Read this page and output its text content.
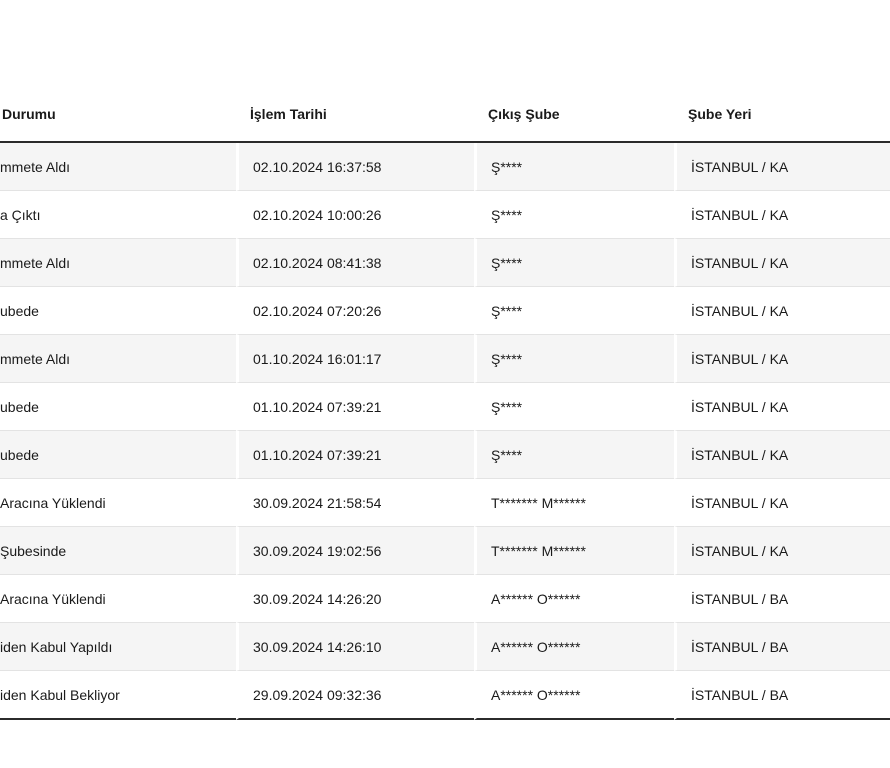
Durumu	İşlem Tarihi	Çıkış Şube	Şube Yeri
mmete Aldı	02.10.2024 16:37:58	Ş****	İSTANBUL / KA
a Çıktı	02.10.2024 10:00:26	Ş****	İSTANBUL / KA
mmete Aldı	02.10.2024 08:41:38	Ş****	İSTANBUL / KA
ubede	02.10.2024 07:20:26	Ş****	İSTANBUL / KA
mmete Aldı	01.10.2024 16:01:17	Ş****	İSTANBUL / KA
ubede	01.10.2024 07:39:21	Ş****	İSTANBUL / KA
ubede	01.10.2024 07:39:21	Ş****	İSTANBUL / KA
Aracına Yüklendi	30.09.2024 21:58:54	T******* M******	İSTANBUL / KA
Şubesinde	30.09.2024 19:02:56	T******* M******	İSTANBUL / KA
Aracına Yüklendi	30.09.2024 14:26:20	A****** O******	İSTANBUL / BA
iden Kabul Yapıldı	30.09.2024 14:26:10	A****** O******	İSTANBUL / BA
iden Kabul Bekliyor	29.09.2024 09:32:36	A****** O******	İSTANBUL / BA
